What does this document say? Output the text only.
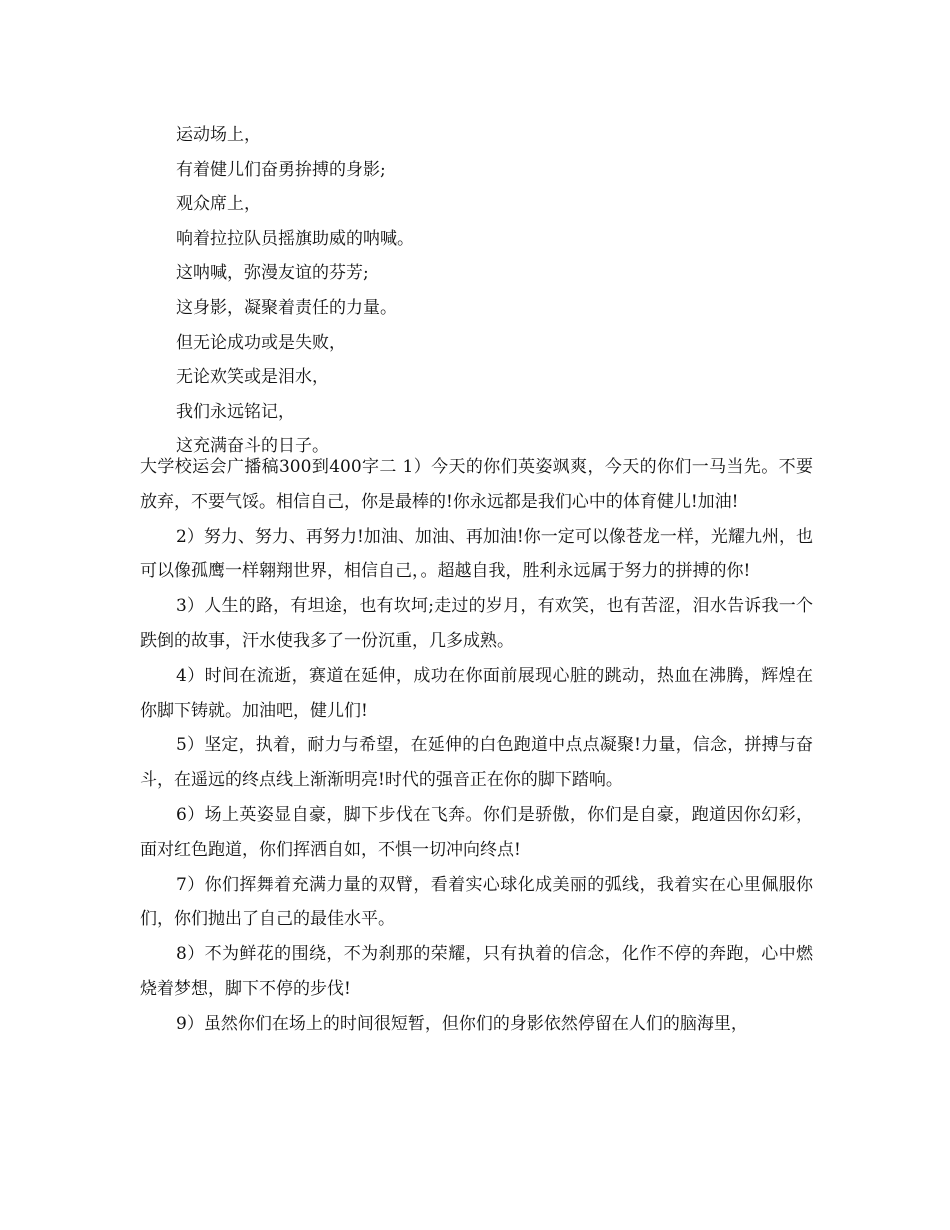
运动场上，
有着健儿们奋勇拚搏的身影;
观众席上，
响着拉拉队员摇旗助威的呐喊。
这呐喊，弥漫友谊的芬芳;
这身影，凝聚着责任的力量。
但无论成功或是失败，
无论欢笑或是泪水，
我们永远铭记，
这充满奋斗的日子。

大学校运会广播稿300到400字二 1）今天的你们英姿飒爽，今天的你们一马当先。不要放弃，不要气馁。相信自己，你是最棒的!你永远都是我们心中的体育健儿!加油!

2）努力、努力、再努力!加油、加油、再加油!你一定可以像苍龙一样，光耀九州，也可以像孤鹰一样翱翔世界，相信自己，。超越自我，胜利永远属于努力的拼搏的你!

3）人生的路，有坦途，也有坎坷;走过的岁月，有欢笑，也有苦涩，泪水告诉我一个跌倒的故事，汗水使我多了一份沉重，几多成熟。

4）时间在流逝，赛道在延伸，成功在你面前展现心脏的跳动，热血在沸腾，辉煌在你脚下铸就。加油吧，健儿们!

5）坚定，执着，耐力与希望，在延伸的白色跑道中点点凝聚!力量，信念，拼搏与奋斗，在遥远的终点线上渐渐明亮!时代的强音正在你的脚下踏响。

6）场上英姿显自豪，脚下步伐在飞奔。你们是骄傲，你们是自豪，跑道因你幻彩，面对红色跑道，你们挥洒自如，不惧一切冲向终点!

7）你们挥舞着充满力量的双臂，看着实心球化成美丽的弧线，我着实在心里佩服你们，你们抛出了自己的最佳水平。

8）不为鲜花的围绕，不为刹那的荣耀，只有执着的信念，化作不停的奔跑，心中燃烧着梦想，脚下不停的步伐!

9）虽然你们在场上的时间很短暂，但你们的身影依然停留在人们的脑海里，
